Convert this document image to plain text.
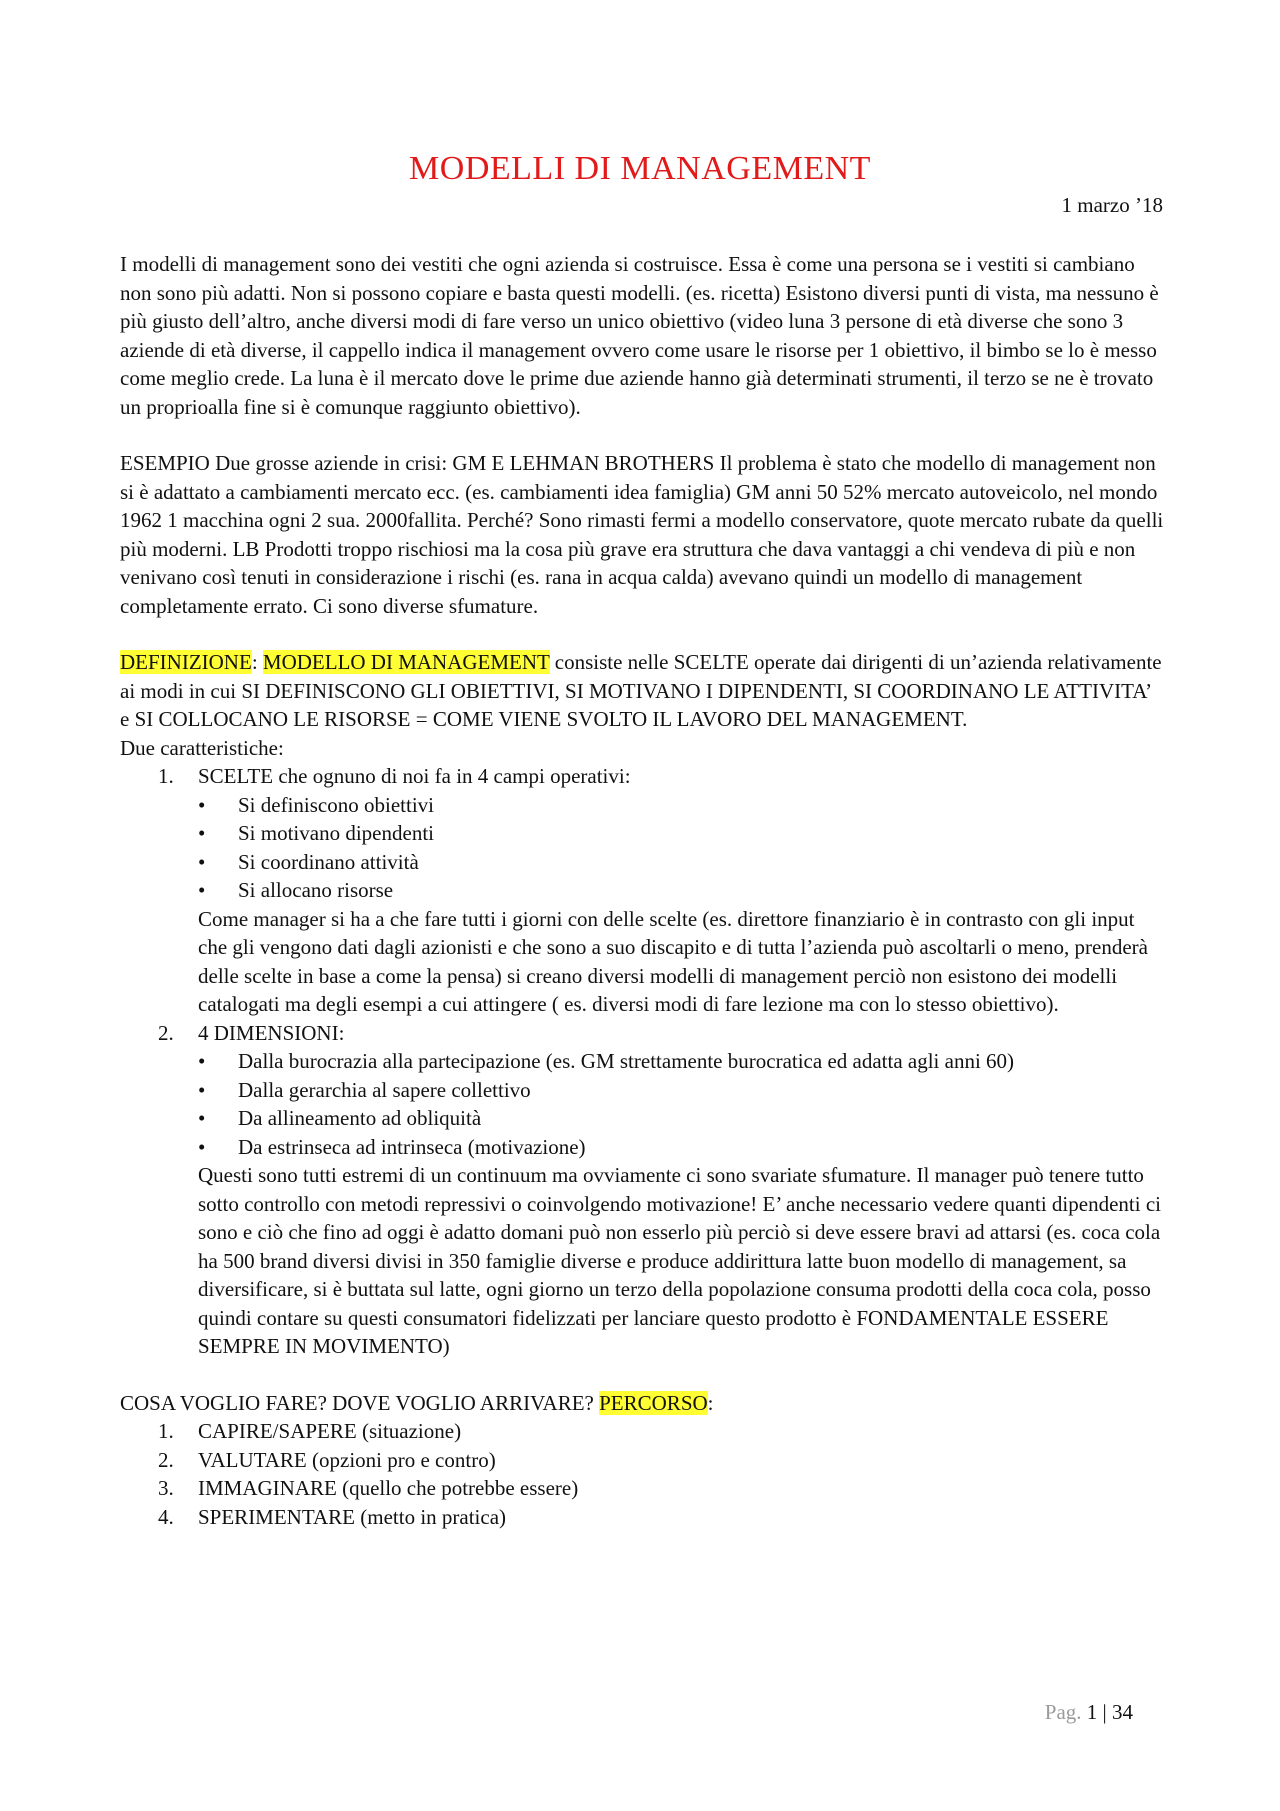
MODELLI DI MANAGEMENT
1 marzo ’18

I modelli di management sono dei vestiti che ogni azienda si costruisce. Essa è come una persona se i vestiti si cambiano non sono più adatti. Non si possono copiare e basta questi modelli. (es. ricetta) Esistono diversi punti di vista, ma nessuno è più giusto dell’altro, anche diversi modi di fare verso un unico obiettivo (video luna 3 persone di età diverse che sono 3 aziende di età diverse, il cappello indica il management ovvero come usare le risorse per 1 obiettivo, il bimbo se lo è messo come meglio crede. La luna è il mercato dove le prime due aziende hanno già determinati strumenti, il terzo se ne è trovato un proprioalla fine si è comunque raggiunto obiettivo).

ESEMPIO Due grosse aziende in crisi: GM E LEHMAN BROTHERS Il problema è stato che modello di management non si è adattato a cambiamenti mercato ecc. (es. cambiamenti idea famiglia) GM anni 50 52% mercato autoveicolo, nel mondo 1962 1 macchina ogni 2 sua. 2000fallita. Perché? Sono rimasti fermi a modello conservatore, quote mercato rubate da quelli più moderni. LB Prodotti troppo rischiosi ma la cosa più grave era struttura che dava vantaggi a chi vendeva di più e non venivano così tenuti in considerazione i rischi (es. rana in acqua calda) avevano quindi un modello di management completamente errato. Ci sono diverse sfumature.

DEFINIZIONE: MODELLO DI MANAGEMENT consiste nelle SCELTE operate dai dirigenti di un’azienda relativamente ai modi in cui SI DEFINISCONO GLI OBIETTIVI, SI MOTIVANO I DIPENDENTI, SI COORDINANO LE ATTIVITA’ e SI COLLOCANO LE RISORSE = COME VIENE SVOLTO IL LAVORO DEL MANAGEMENT.

Due caratteristiche:

1. SCELTE che ognuno di noi fa in 4 campi operativi:
• Si definiscono obiettivi
• Si motivano dipendenti
• Si coordinano attività
• Si allocano risorse

Come manager si ha a che fare tutti i giorni con delle scelte (es. direttore finanziario è in contrasto con gli input che gli vengono dati dagli azionisti e che sono a suo discapito e di tutta l’azienda può ascoltarli o meno, prenderà delle scelte in base a come la pensa) si creano diversi modelli di management perciò non esistono dei modelli catalogati ma degli esempi a cui attingere ( es. diversi modi di fare lezione ma con lo stesso obiettivo).

2. 4 DIMENSIONI:
• Dalla burocrazia alla partecipazione (es. GM strettamente burocratica ed adatta agli anni 60)
• Dalla gerarchia al sapere collettivo
• Da allineamento ad obliquità
• Da estrinseca ad intrinseca (motivazione)

Questi sono tutti estremi di un continuum ma ovviamente ci sono svariate sfumature. Il manager può tenere tutto sotto controllo con metodi repressivi o coinvolgendo motivazione! E’ anche necessario vedere quanti dipendenti ci sono e ciò che fino ad oggi è adatto domani può non esserlo più perciò si deve essere bravi ad attarsi (es. coca cola ha 500 brand diversi divisi in 350 famiglie diverse e produce addirittura latte buon modello di management, sa diversificare, si è buttata sul latte, ogni giorno un terzo della popolazione consuma prodotti della coca cola, posso quindi contare su questi consumatori fidelizzati per lanciare questo prodotto è FONDAMENTALE ESSERE SEMPRE IN MOVIMENTO)

COSA VOGLIO FARE? DOVE VOGLIO ARRIVARE? PERCORSO:

1. CAPIRE/SAPERE (situazione)
2. VALUTARE (opzioni pro e contro)
3. IMMAGINARE (quello che potrebbe essere)
4. SPERIMENTARE (metto in pratica)
Pag. 1 | 34
